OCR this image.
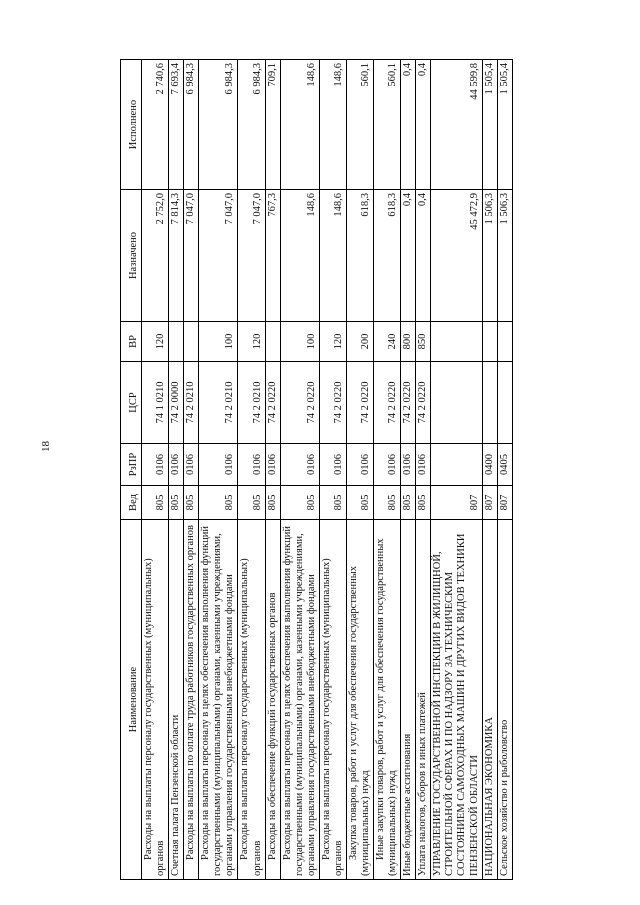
18
Наименование	Вед	РзПР	ЦСР	ВР	Назначено	Исполнено
Расходы на выплаты персоналу государственных (муниципальных) органов	805	0106	74 1 0210	120	2 752,0	2 740,6
Счетная палата Пензенской области	805	0106	74 2 0000		7 814,3	7 693,4
Расходы на выплаты по оплате труда работников государственных органов	805	0106	74 2 0210		7 047,0	6 984,3
Расходы на выплаты персоналу в целях обеспечения выполнения функций государственными (муниципальными) органами, казенными учреждениями, органами управления государственными внебюджетными фондами	805	0106	74 2 0210	100	7 047,0	6 984,3
Расходы на выплаты персоналу государственных (муниципальных) органов	805	0106	74 2 0210	120	7 047,0	6 984,3
Расходы на обеспечение функций государственных органов	805	0106	74 2 0220		767,3	709,1
Расходы на выплаты персоналу в целях обеспечения выполнения функций государственными (муниципальными) органами, казенными учреждениями, органами управления государственными внебюджетными фондами	805	0106	74 2 0220	100	148,6	148,6
Расходы на выплаты персоналу государственных (муниципальных) органов	805	0106	74 2 0220	120	148,6	148,6
Закупка товаров, работ и услуг для обеспечения государственных (муниципальных) нужд	805	0106	74 2 0220	200	618,3	560,1
Иные закупки товаров, работ и услуг для обеспечения государственных (муниципальных) нужд	805	0106	74 2 0220	240	618,3	560,1
Иные бюджетные ассигнования	805	0106	74 2 0220	800	0,4	0,4
Уплата налогов, сборов и иных платежей	805	0106	74 2 0220	850	0,4	0,4
УПРАВЛЕНИЕ ГОСУДАРСТВЕННОЙ ИНСПЕКЦИИ В ЖИЛИЩНОЙ, СТРОИТЕЛЬНОЙ СФЕРАХ И ПО НАДЗОРУ ЗА ТЕХНИЧЕСКИМ СОСТОЯНИЕМ САМОХОДНЫХ МАШИН И ДРУГИХ ВИДОВ ТЕХНИКИ ПЕНЗЕНСКОЙ ОБЛАСТИ	807				45 472,9	44 599,8
НАЦИОНАЛЬНАЯ ЭКОНОМИКА	807	0400			1 506,3	1 505,4
Сельское хозяйство и рыболовство	807	0405			1 506,3	1 505,4
